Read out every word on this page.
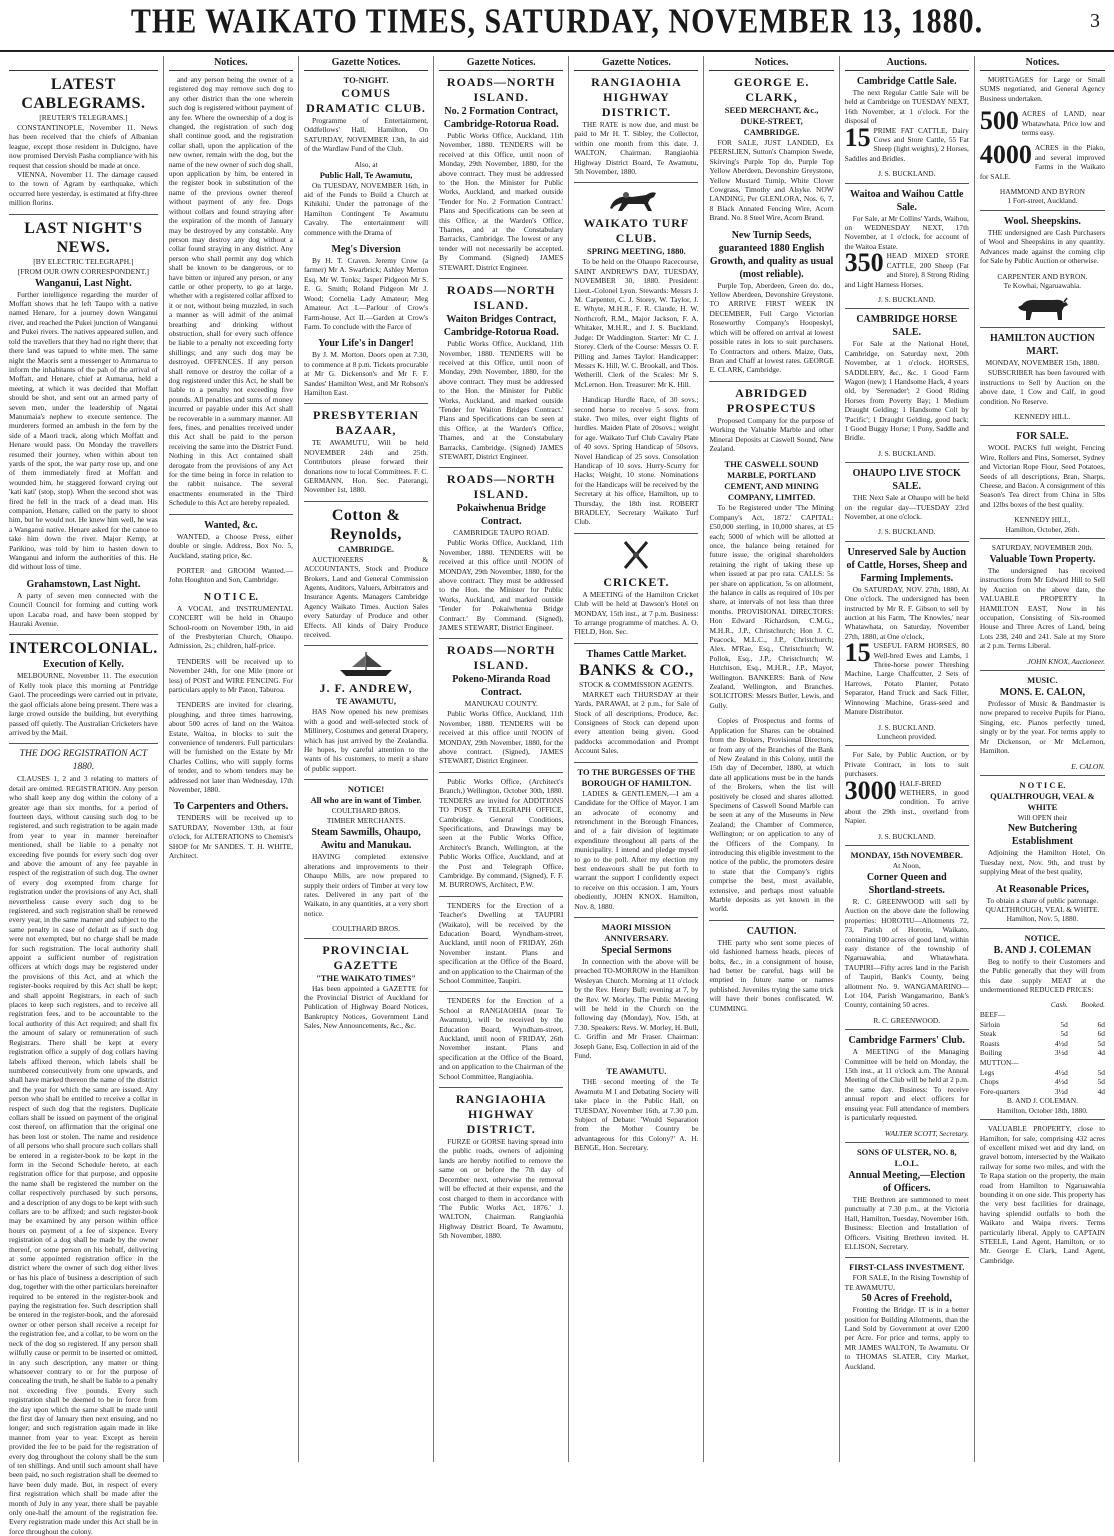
THE WAIKATO TIMES, SATURDAY, NOVEMBER 13, 1880.	3
LATEST CABLEGRAMS.
[REUTER'S TELEGRAMS.]

CONSTANTINOPLE, November 11. News has been received that the chiefs of Albanian league, except those resident in Dulcigno, have now promised Dervish Pasha compliance with his request that cession should be made at once.

VIENNA, November 11. The damage caused to the town of Agram by earthquake, which occurred here yesterday, is estimated at fifty-three million florins.

LAST NIGHT'S NEWS.
[BY ELECTRIC TELEGRAPH.]
[FROM OUR OWN CORRESPONDENT.]
Wanganui, Last Night.

Further intelligence regarding the murder of Moffatt shows that he left Taupo with a native named Henare, for a journey down Wanganui river, and reached the Pukei junction of Wanganui and Pukei rivers. The natives appeared sullen, and told the travellers that they had no right there; that there land was tapued to white men. The same night the Maoris sent a messenger to Ammarua to inform the inhabitants of the pah of the arrival of Moffatt, and Henare, chief at Aumarua, held a meeting, at which it was decided that Moffatt should be shot, and sent out an armed party of seven men, under the leadership of Ngatai Manumaia's nephew to execute sentence. The murderers formed an ambush in the fern by the side of a Maori track, along which Moffatt and Henare would pass. On Monday the travellers resumed their journey, when within about ten yards of the spot, the war party rose up, and one of them immediately fired at Moffatt and wounded him, he staggered forward crying out 'kati kati' (stop, stop). When the second shot was fired he fell in the track of a dead man. His companion, Henare, called on the party to shoot him, but he would not. He knew him well, he was a Wanganui native. Henare asked for the canoe to take him down the river. Major Kemp, at Parikino, was told by him to hasten down to Wanganui and inform the authorities of this. He did without loss of time.

Grahamstown, Last Night.

A party of seven men connected with the Council Council for forming and cutting work upon Lacaba road, and have been stopped by Hauraki Avenue.

INTERCOLONIAL.
Execution of Kelly.

MELBOURNE, November 11. The execution of Kelly took place this morning at Pentridge Gaol. The proceedings were carried out in private, the gaol officials alone being present. There was a large crowd outside the building, but everything passed off quietly. The Australian Cricketers have arrived by the Mail.

THE DOG REGISTRATION ACT 1880.

CLAUSES 1, 2 and 3 relating to matters of detail are omitted. REGISTRATION. Any person who shall keep any dog within the colony of a greater age than six months, for a period of fourteen days, without causing such dog to be registered, and such registration to be again made from year to year in manner hereinafter mentioned, shall be liable to a penalty not exceeding five pounds for every such dog over and above the amount of any fee payable in respect of the registration of such dog. The owner of every dog exempted from charge for registration under the provisions of any Act, shall nevertheless cause every such dog to be registered, and such registration shall be renewed every year, in the same manner and subject to the same penalty in case of default as if such dog were not exempted, but no charge shall be made for such registration. The local authority shall appoint a sufficient number of registration officers at which dogs may be registered under the provisions of this Act, and at which the register-books required by this Act shall be kept; and shall appoint Registrars, in each of such places to keep such registers, and to receive all registration fees, and to be accountable to the local authority of this Act required; and shall fix the amount of salary or remuneration of such Registrars. There shall be kept at every registration office a supply of dog collars having labels affixed thereon, which labels shall be numbered consecutively from one upwards, and shall have marked thereon the name of the district and the year for which the same are issued. Any person who shall be entitled to receive a collar in respect of such dog that the registers. Duplicate collars shall be issued on payment of the original cost thereof, on affirmation that the original one has been lost or stolen. The name and residence of all persons who shall procure such collars shall be entered in a register-book to be kept in the form in the Second Schedule hereto, at each registration office for that purpose, and opposite the name shall be registered the number on the collar respectively purchased by such persons, and a description of any dogs to be kept with such collars are to be affixed; and such register-book may be examined by any person within office hours on payment of a fee of sixpence. Every registration of a dog shall be made by the owner thereof, or some person on his behalf, delivering at some appointed registration office in the district where the owner of such dog either lives or has his place of business a description of such dog, together with the other particulars hereinafter required to be entered in the register-book and paying the registration fee. Such description shall be entered in the register-book, and the aforesaid owner or other person shall receive a receipt for the registration fee, and a collar, to be worn on the neck of the dog so registered. If any person shall wilfully cause or permit to be inserted or omitted, in any such description, any matter or thing whatsoever contrary to or for the purpose of concealing the truth, he shall be liable to a penalty not exceeding five pounds. Every such registration shall be deemed to be in force from the day upon which the same shall be made until the first day of January then next ensuing, and no longer; and such registration again made in like manner from year to year. Except as herein provided the fee to be paid for the registration of every dog throughout the colony shall be the sum of ten shillings. And until such amount shall have been paid, no such registration shall be deemed to have been duly made. But, in respect of every first registration which shall be made after the month of July in any year, there shall be payable only one-half the amount of the registration fee. Every registration made under this Act shall be in force throughout the colony.

Notices.

and any person being the owner of a registered dog may remove such dog to any other district than the one wherein such dog is registered without payment of any fee. Where the ownership of a dog is changed, the registration of such dog shall continue good, and the registration collar shall, upon the application of the new owner, remain with the dog, but the name of the new owner of such dog shall, upon application by him, be entered in the register book in substitution of the name of the previous owner thereof without payment of any fee. Dogs without collars and found straying after the expiration of the month of January may be destroyed by any constable. Any person may destroy any dog without a collar found straying in any district. Any person who shall permit any dog which shall be known to be dangerous, or to have bitten or injured any person, or any cattle or other property, to go at large, whether with a registered collar affixed to it or not, without being muzzled, in such a manner as will admit of the animal breathing and drinking without obstruction, shall for every such offence be liable to a penalty not exceeding forty shillings; and any such dog may be destroyed. OFFENCES. If any person shall remove or destroy the collar of a dog registered under this Act, he shall be liable to a penalty not exceeding five pounds. All penalties and sums of money incurred or payable under this Act shall be recoverable in a summary manner. All fees, fines, and penalties received under this Act shall be paid to the person receiving the same into the District Fund. Nothing in this Act contained shall derogate from the provisions of any Act for the time being in force in relation to the rabbit nuisance. The several enactments enumerated in the Third Schedule to this Act are hereby repealed.

Wanted, &c.

WANTED, a Choose Press, either double or single. Address, Box No. 5, Auckland, stating price, &c.

PORTER and GROOM Wanted.—John Houghton and Son, Cambridge.

N O T I C E.

A VOCAL and INSTRUMENTAL CONCERT will be held in Ohaupo School-room on November 19th, in aid of the Presbyterian Church, Ohaupo. Admission, 2s.; children, half-price.

TENDERS will be received up to November 24th, for one Mile (more or less) of POST and WIRE FENCING. For particulars apply to Mr Paton, Taburoa.

TENDERS are invited for clearing, ploughing, and three times harrowing, about 500 acres of land on the Waitoa Estate, Waitoa, in blocks to suit the convenience of tenderers. Full particulars will be furnished on the Estate by Mr Charles Collins, who will supply forms of tender, and to whom tenders may be addressed not later than Wednesday, 17th November, 1880.

To Carpenters and Others.

TENDERS will be received up to SATURDAY, November 13th, at four o'clock, for ALTERATIONS to Chemist's SHOP for Mr SANDES. T. H. WHITE, Architect.

Gazette Notices.
TO-NIGHT.
COMUS DRAMATIC CLUB.

Programme of Entertainment, Oddfellows' Hall, Hamilton, On SATURDAY, NOVEMBER 13th, In aid of the Wardlaw Fund of the Club.

Also, at
Public Hall, Te Awamutu,

On TUESDAY, NOVEMBER 16th, in aid of the Funds to Build a Church at Kihikihi. Under the patronage of the Hamilton Contingent Te Awamutu Cavalry. The entertainment will commence with the Drama of

Meg's Diversion

By H. T. Craven. Jeremy Crow (a farmer) Mr A. Swarbrick; Ashley Merton Esq. Mr W. Tonks; Jasper Pidgeon Mr S. E. G. Smith; Roland Pidgeon Mr J. Wood; Cornelia Lady Amateur; Meg Amateur. Act I.—Parlour of Crow's Farm-house. Act II.—Garden at Crow's Farm. To conclude with the Farce of

Your Life's in Danger!

By J. M. Morton. Doors open at 7.30, to commence at 8 p.m. Tickets procurable at Mr G. Dickenson's and Mr F. F. Sandes' Hamilton West, and Mr Robson's Hamilton East.

PRESBYTERIAN BAZAAR,

TE AWAMUTU, Will be held NOVEMBER 24th and 25th. Contributors please forward their donations now to local Committees. F. C. GERMANN, Hon. Sec. Paterangi, November 1st, 1880.

Cotton & Reynolds,
CAMBRIDGE.

AUCTIONEERS & ACCOUNTANTS, Stock and Produce Brokers, Land and General Commission Agents, Auditors, Valuers, Arbitrators and Insurance Agents. Managers Cambridge Agency Waikato Times. Auction Sales every Saturday of Produce and other Effects. All kinds of Dairy Produce received.

J. F. ANDREW,
TE AWAMUTU,

HAS Now opened his new premises with a good and well-selected stock of Millinery, Costumes and general Drapery, which has just arrived by the Zealandia. He hopes, by careful attention to the wants of his customers, to merit a share of public support.

NOTICE!
All who are in want of Timber.
COULTHARD BROS.
TIMBER MERCHANTS.
Steam Sawmills, Ohaupo, Awitu and Manukau.

HAVING completed extensive alterations and improvements to their Ohaupo Mills, are now prepared to supply their orders of Timber at very low rates. Delivered in any part of the Waikato, in any quantities, at a very short notice.

COULTHARD BROS.
PROVINCIAL GAZETTE
"THE WAIKATO TIMES"

Has been appointed a GAZETTE for the Provincial District of Auckland for Publication of Highway Board Notices, Bankruptcy Notices, Government Land Sales, New Announcements, &c., &c.

Gazette Notices.
ROADS—NORTH ISLAND.
No. 2 Formation Contract, Cambridge-Rotorua Road.

Public Works Office, Auckland, 11th November, 1880. TENDERS will be received at this Office, until noon of Monday, 29th November, 1880, for the above contract. They must be addressed to the Hon. the Minister for Public Works, Auckland, and marked outside 'Tender for No. 2 Formation Contract.' Plans and Specifications can be seen at this Office, at the Warden's Office, Thames, and at the Constabulary Barracks, Cambridge. The lowest or any tender will not necessarily be accepted. By Command. (Signed) JAMES STEWART, District Engineer.

ROADS—NORTH ISLAND.
Waiton Bridges Contract, Cambridge-Rotorua Road.

Public Works Office, Auckland, 11th November, 1880. TENDERS will be received at this Office, until noon of Monday, 29th November, 1880, for the above contract. They must be addressed to the Hon. the Minister for Public Works, Auckland, and marked outside 'Tender for Waiton Bridges Contract.' Plans and Specifications can be seen at this Office, at the Warden's Office, Thames, and at the Constabulary Barracks, Cambridge. (Signed) JAMES STEWART, District Engineer.

ROADS—NORTH ISLAND.
Pokaiwhenua Bridge Contract.
CAMBRIDGE TAUPO ROAD.

Public Works Office, Auckland, 11th November, 1880. TENDERS will be received at this office until NOON of MONDAY, 29th November, 1880, for the above contract. They must be addressed to the Hon. the Minister for Public Works, Auckland, and marked outside 'Tender for Pokaiwhenua Bridge Contract.' By Command. (Signed), JAMES STEWART, District Engineer.

ROADS—NORTH ISLAND.
Pokeno-Miranda Road Contract.
MANUKAU COUNTY.

Public Works Office, Auckland, 11th November, 1880. TENDERS will be received at this office until NOON of MONDAY, 29th November, 1880, for the above contract. (Signed), JAMES STEWART, District Engineer.

Public Works Office, (Architect's Branch,) Wellington, October 30th, 1880. TENDERS are invited for ADDITIONS TO POST & TELEGRAPH OFFICE, Cambridge. General Conditions, Specifications, and Drawings may be seen at the Public Works Office, Architect's Branch, Wellington, at the Public Works Office, Auckland, and at the Post and Telegraph Office, Cambridge. By command, (Signed), F. F. M. BURROWS, Architect, P.W.

TENDERS for the Erection of a Teacher's Dwelling at TAUPIRI (Waikato), will be received by the Education Board, Wyndham-street, Auckland, until noon of FRIDAY, 26th November instant. Plans and specification at the Office of the Board, and on application to the Chairman of the School Committee, Taupiri.

TENDERS for the Erection of a School at RANGIAOHIA (near Te Awamutu), will be received by the Education Board, Wyndham-street, Auckland, until noon of FRIDAY, 26th November instant. Plans and specification at the Office of the Board, and on application to the Chairman of the School Committee, Rangiaohia.

RANGIAOHIA HIGHWAY DISTRICT.

FURZE or GORSE having spread into the public roads, owners of adjoining lands are hereby notified to remove the same on or before the 7th day of December next, otherwise the removal will be effected at their expense, and the cost charged to them in accordance with 'The Public Works Act, 1876.' J. WALTON, Chairman. Rangiaohia Highway District Board, Te Awamutu, 5th November, 1880.

Gazette Notices.
RANGIAOHIA HIGHWAY DISTRICT.

THE RATE is now due, and must be paid to Mr H. T. Sibley, the Collector, within one month from this date. J. WALTON, Chairman. Rangiaohia Highway District Board, Te Awamutu, 5th November, 1880.

WAIKATO TURF CLUB.
SPRING MEETING, 1880.

To be held on the Ohaupo Racecourse, SAINT ANDREW'S DAY, TUESDAY, NOVEMBER 30, 1880. President: Lieut.-Colonel Lyon. Stewards: Messrs J. M. Carpenter, C. J. Storey, W. Taylor, J. E. Whyte, M.H.R., F. R. Claude, H. W. Northcroft, R.M., Major Jackson, F. A. Whitaker, M.H.R., and J. S. Buckland. Judge: Dr Waddington. Starter: Mr C. J. Storey. Clerk of the Course: Messrs O. F. Pilling and James Taylor. Handicapper: Messrs K. Hill, W. C. Brookall, and Thos. Wetherill. Clerk of the Scales: Mr S. McLernon. Hon. Treasurer: Mr K. Hill.

Handicap Hurdle Race, of 30 sovs.; second horse to receive 5 sovs. from stake. Two miles, over eight flights of hurdles. Maiden Plate of 20sovs.; weight for age. Waikato Turf Club Cavalry Plate of 40 sovs. Spring Handicap of 50sovs. Novel Handicap of 25 sovs. Consolation Handicap of 10 sovs. Hurry-Scurry for Hacks; Weight, 10 stone. Nominations for the Handicaps will be received by the Secretary at his office, Hamilton, up to Thursday, the 18th inst. ROBERT BRADLEY, Secretary Waikato Turf Club.

CRICKET.

A MEETING of the Hamilton Cricket Club will be held at Dawson's Hotel on MONDAY, 15th inst., at 7 p.m. Business: To arrange programme of matches. A. O. FIELD, Hon. Sec.

Thames Cattle Market.
BANKS & CO.,
STOCK & COMMISSION AGENTS.

MARKET each THURSDAY at their Yards, PARAWAI, at 2 p.m., for Sale of Stock of all descriptions, Produce, &c. Consignees of Stock can depend upon every attention being given. Good paddocks accommodation and Prompt Account Sales.

TO THE BURGESSES OF THE BOROUGH OF HAMILTON.

LADIES & GENTLEMEN,—I am a Candidate for the Office of Mayor. I am an advocate of economy and retrenchment in the Borough Finances, and of a fair division of legitimate expenditure throughout all parts of the municipality. I intend and pledge myself to go to the poll. After my election my best endeavours shall be put forth to warrant the support I confidently expect to receive on this occasion. I am, Yours obediently, JOHN KNOX. Hamilton, Nov. 8, 1880.

MAORI MISSION ANNIVERSARY.
Special Sermons

In connection with the above will be preached TO-MORROW in the Hamilton Wesleyan Church. Morning at 11 o'clock by the Rev. Henry Bull; evening at 7, by the Rev. W. Morley. The Public Meeting will be held in the Church on the following day (Monday), Nov. 15th, at 7.30. Speakers: Revs. W. Morley, H. Bull, C. Griffin and Mr Fraser. Chairman: Joseph Gane, Esq. Collection in aid of the Fund.

TE AWAMUTU.

THE second meeting of the Te Awamutu M I and Debating Society will take place in the Public Hall, on TUESDAY, November 16th, at 7.30 p.m. Subject of Debate: 'Would Separation from the Mother Country be advantageous for this Colony?' A. H. BENGE, Hon. Secretary.

Notices.
GEORGE E. CLARK,
SEED MERCHANT, &c.,
DUKE-STREET,
CAMBRIDGE.

FOR SALE, JUST LANDED, Ex PEERSLIEN, Sutton's Champion Swede, Skirving's Purple Top do, Purple Top Yellow Aberdeen, Devonshire Greystone, Yellow Mustard Turnip, White Clover Cowgrass, Timothy and Alsyke. NOW LANDING, Per GLENLORA, Nos. 6, 7, 8 Black Annated Fencing Wire, Acorn Brand. No. 8 Steel Wire, Acorn Brand.

New Turnip Seeds, guaranteed 1880 English Growth, and quality as usual (most reliable).

Purple Top, Aberdeen, Green do. do., Yellow Aberdeen, Devonshire Greystone. TO ARRIVE FIRST WEEK IN DECEMBER, Full Cargo Victorian Roseworthy Company's Hoopeskyl, which will be offered on arrival at lowest possible rates in lots to suit purchasers. To Contractors and others. Maize, Oats, Bran and Chaff at lowest rates. GEORGE E. CLARK, Cambridge.

ABRIDGED PROSPECTUS

Proposed Company for the purpose of Working the Valuable Marble and other Mineral Deposits at Caswell Sound, New Zealand.

THE CASWELL SOUND MARBLE, PORTLAND CEMENT, AND MINING COMPANY, LIMITED.

To be Registered under 'The Mining Company's Act, 1872.' CAPITAL: £50,000 sterling, in 10,000 shares, at £5 each; 5000 of which will be allotted at once, the balance being retained for future issue, the original shareholders retaining the right of taking these up when issued at par pro rata. CALLS: 5s per share on application, 5s on allotment, the balance in calls as required of 10s per share, at intervals of not less than three months. PROVISIONAL DIRECTORS: Hon Edward Richardson, C.M.G., M.H.R., J.P., Christchurch; Hon J. C. Peacock, M.L.C., J.P., Christchurch; Alex. M'Rae, Esq., Christchurch; W. Pollok, Esq., J.P., Christchurch; W. Hutchison, Esq., M.H.R., J.P., Mayor, Wellington. BANKERS: Bank of New Zealand, Wellington, and Branches. SOLICITORS: Messrs Butler, Lewis, and Gully.

Copies of Prospectus and forms of Application for Shares can be obtained from the Brokers, Provisional Directors, or from any of the Branches of the Bank of New Zealand in this Colony, until the 15th day of December, 1880, at which date all applications must be in the hands of the Brokers, when the list will positively be closed and shares allotted. Specimens of Caswell Sound Marble can be seen at any of the Museums in New Zealand; the Chamber of Commerce, Wellington; or on application to any of the Officers of the Company. In introducing this eligible investment to the notice of the public, the promoters desire to state that the Company's rights comprise the best, most available, extensive, and perhaps most valuable Marble deposits as yet known in the world.

CAUTION.

THE party who sent some pieces of old fashioned harness heads, pieces of bolts, &c., in a consignment of house, had better be careful, bags will be emptied in future name or names published. Juveniles trying the same trick will have their bones confiscated. W. CUMMING.

Auctions.
Cambridge Cattle Sale.

The next Regular Cattle Sale will be held at Cambridge on TUESDAY NEXT, 16th November, at 1 o'clock. For the disposal of

15 PRIME FAT CATTLE, Dairy Cows and Store Cattle, 55 Fat Sheep (light weights), 2 Horses, Saddles and Bridles.
J. S. BUCKLAND.
Waitoa and Waihou Cattle Sale.

For Sale, at Mr Collins' Yards, Waihou, on WEDNESDAY NEXT, 17th November, at 1 o'clock, for account of the Waitoa Estate.

350 HEAD MIXED STORE CATTLE, 200 Sheep (Fat and Store), 8 Strong Riding and Light Harness Horses.
J. S. BUCKLAND.
CAMBRIDGE HORSE SALE.

For Sale at the National Hotel, Cambridge, on Saturday next, 20th November, at 1 o'clock. HORSES, SADDLERY, &c., &c. 1 Good Farm Wagon (new); 1 Handsome Hack, 4 years old, by 'Serenader'; 2 Good Riding Horses from Poverty Bay; 1 Medium Draught Gelding; 1 Handsome Colt by 'Pacific'; 1 Draught Gelding, good back; 1 Good Buggy Horse; 1 Pony, Saddle and Bridle.

J. S. BUCKLAND.
OHAUPO LIVE STOCK SALE.

THE Next Sale at Ohaupo will be held on the regular day—TUESDAY 23rd November, at one o'clock.

J. S. BUCKLAND.
Unreserved Sale by Auction of Cattle, Horses, Sheep and Farming Implements.

On SATURDAY, NOV. 27th, 1880, At One o'clock. The undersigned has been instructed by Mr R. F. Gibson to sell by auction at his Farm, 'The Knowles,' near Whatawhata, on Saturday, November 27th, 1880, at One o'clock,

15 USEFUL FARM HORSES, 80 Well-bred Ewes and Lambs, 1 Three-horse power Threshing Machine, Large Chaffcutter, 2 Sets of Harrows, Potato Planter, Potato Separator, Hand Truck and Sack Filler, Winnowing Machine, Grass-seed and Manure Distributor.
J. S. BUCKLAND.
Luncheon provided.

For Sale, by Public Auction, or by Private Contract, in lots to suit purchasers.

3000 HALF-BRED WETHERS, in good condition. To arrive about the 29th inst., overland from Napier.
J. S. BUCKLAND.
MONDAY, 15th NOVEMBER.
At Noon,
Corner Queen and Shortland-streets.

R. C. GREENWOOD will sell by Auction on the above date the following properties: HOROTIU—Allotments 72, 73, Parish of Horotiu, Waikato, containing 100 acres of good land, within easy distance of the township of Ngaruawahia, and Whatawhata. TAUPIRI—Fifty acres land in the Parish of Taupiri, Bank's County, being allotment No. 9. WANGAMARINO—Lot 104, Parish Wangamarino, Bank's County, containing 50 acres.

R. C. GREENWOOD.
Cambridge Farmers' Club.

A MEETING of the Managing Committee will be held on Monday, the 15th inst., at 11 o'clock a.m. The Annual Meeting of the Club will be held at 2 p.m. the same day. Business: To receive annual report and elect officers for ensuing year. Full attendance of members is particularly requested.

WALTER SCOTT, Secretary.
SONS OF ULSTER, NO. 8, L.O.L.
Annual Meeting,—Election of Officers.

THE Brethren are summoned to meet punctually at 7.30 p.m., at the Victoria Hall, Hamilton, Tuesday, November 16th. Business: Election and Installation of Officers. Visiting Brethren invited. H. ELLISON, Secretary.

FIRST-CLASS INVESTMENT.

FOR SALE, In the Rising Township of TE AWAMUTU,

50 Acres of Freehold,

Fronting the Bridge. IT is in a better position for Building Allotments, than the Land Sold by Government at over £200 per Acre. For price and terms, apply to MR JAMES WALTON, Te Awamutu. Or to THOMAS SLATER, City Market, Auckland.

Notices.

MORTGAGES for Large or Small SUMS negotiated, and General Agency Business undertaken.

500 ACRES of LAND, near Whatawhata. Price low and terms easy.
4000 ACRES in the Piako, and several improved Farms in the Waikato for SALE.
HAMMOND AND BYRON
1 Fort-street, Auckland.
Wool. Sheepskins.

THE undersigned are Cash Purchasers of Wool and Sheepskins in any quantity. Advances made against the coming clip for Sale by Public Auction or otherwise.

CARPENTER AND BYRON.
Te Kowhai, Ngaruawahia.
HAMILTON AUCTION MART.
MONDAY, NOVEMBER 15th, 1880.

SUBSCRIBER has been favoured with instructions to Sell by Auction on the above date, 1 Cow and Calf, in good condition. No Reserve.

KENNEDY HILL.
FOR SALE.

WOOL PACKS full weight, Fencing Wire, Rollers and Pins, Somerset, Sydney and Victorian Rope Flour, Seed Potatoes, Seeds of all descriptions, Bran, Sharps, Cheese, and Bacon. A consignment of this Season's Tea direct from China in 5lbs and 12lbs boxes of the best quality.

KENNEDY HILL,
Hamilton, October, 26th.
SATURDAY, NOVEMBER 20th.
Valuable Town Property.

The undersigned has received instructions from Mr Edward Hill to Sell by Auction on the above date, the VALUABLE PROPERTY In HAMILTON EAST, Now in his occupation, Consisting of Six-roomed House and Three Acres of Land, being Lots 238, 240 and 241. Sale at my Store at 2 p.m. Terms Liberal.

JOHN KNOX, Auctioneer.
MUSIC.
MONS. E. CALON,

Professor of Music & Bandmaster is now prepared to receive Pupils for Piano, Singing, etc. Pianos perfectly tuned, singly or by the year. For terms apply to Mr Dickenson, or Mr McLernon, Hamilton.

E. CALON.
N O T I C E.
QUALTHROUGH, VEAL & WHITE
Will OPEN their
New Butchering Establishment

Adjoining the Hamilton Hotel, On Tuesday next, Nov. 9th, and trust by supplying Meat of the best quality,

At Reasonable Prices,
To obtain a share of public patronage.
QUALTHROUGH, VEAL & WHITE.
Hamilton, Nov. 5, 1880.
NOTICE.
B. AND J. COLEMAN

Beg to notify to their Customers and the Public generally that they will from this date supply MEAT at the undermentioned REDUCED PRICES:

	Cash.	Booked.
BEEF—		
Sirloin	5d	6d
Steak	5d	6d
Roasts	4½d	5d
Boiling	3½d	4d
MUTTON—		
Legs	4½d	5d
Chops	4½d	5d
Fore-quarters	3½d	4d
B. AND J. COLEMAN.
Hamilton, October 18th, 1880.

VALUABLE PROPERTY, close to Hamilton, for sale, comprising 432 acres of excellent mixed wet and dry land, on gravel bottom, intersected by the Waikato railway for some two miles, and with the Te Rapa station on the property, the main road from Hamilton to Ngaruawahia bounding it on one side. This property has the very best facilities for drainage, having splendid outfalls to both the Waikato and Waipa rivers. Terms particularly liberal. Apply to CAPTAIN STEELE, Land Agent, Hamilton, or to Mr. George E. Clark, Land Agent, Cambridge.
